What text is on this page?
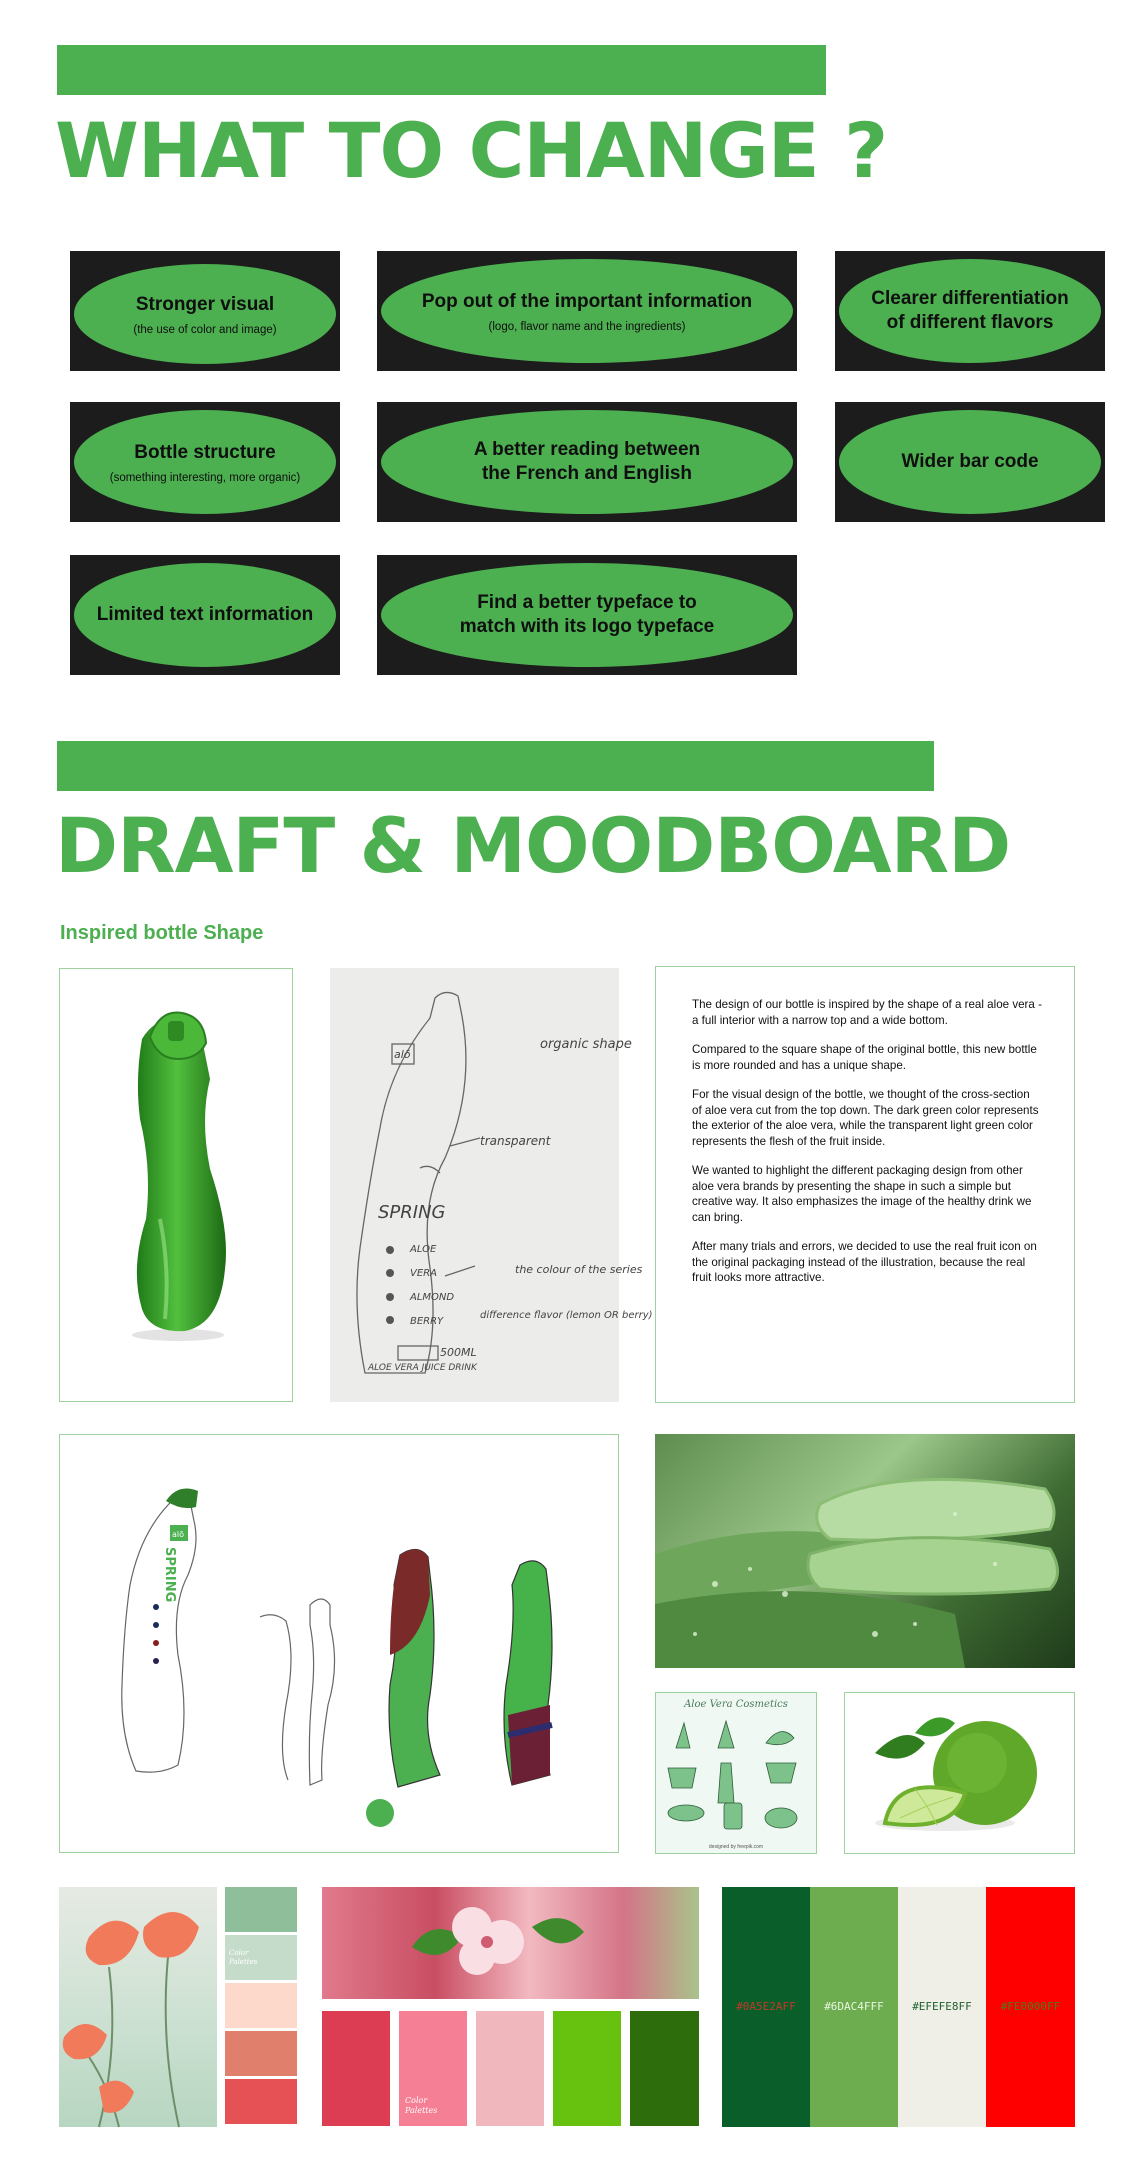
WHAT TO CHANGE ?
Stronger visual
(the use of color and image)
Pop out of the important information
(logo, flavor name and the ingredients)
Clearer differentiation of different flavors
Bottle structure
(something interesting, more organic)
A better reading between the French and English
Wider bar code
Limited text information
Find a better typeface to match with its logo typeface
DRAFT & MOODBOARD
Inspired bottle Shape
alō
organic shape
transparent
SPRING
ALOE
VERA
ALMOND
BERRY
the colour of the series
difference flavor (lemon OR berry)
500ML
ALOE VERA JUICE DRINK

The design of our bottle is inspired by the shape of a real aloe vera - a full interior with a narrow top and a wide bottom.

Compared to the square shape of the original bottle, this new bottle is more rounded and has a unique shape.

For the visual design of the bottle, we thought of the cross-section of aloe vera cut from the top down. The dark green color represents the exterior of the aloe vera, while the transparent light green color represents the flesh of the fruit inside.

We wanted to highlight the different packaging design from other aloe vera brands by presenting the shape in such a simple but creative way. It also emphasizes the image of the healthy drink we can bring.

After many trials and errors, we decided to use the real fruit icon on the original packaging instead of the illustration, because the real fruit looks more attractive.

alō
SPRING
Aloe Vera Cosmetics
designed by freepik.com
Color Palettes
Color Palettes
#0A5E2AFF	#6DAC4FFF	#EFEFE8FF	#FE0000FF
